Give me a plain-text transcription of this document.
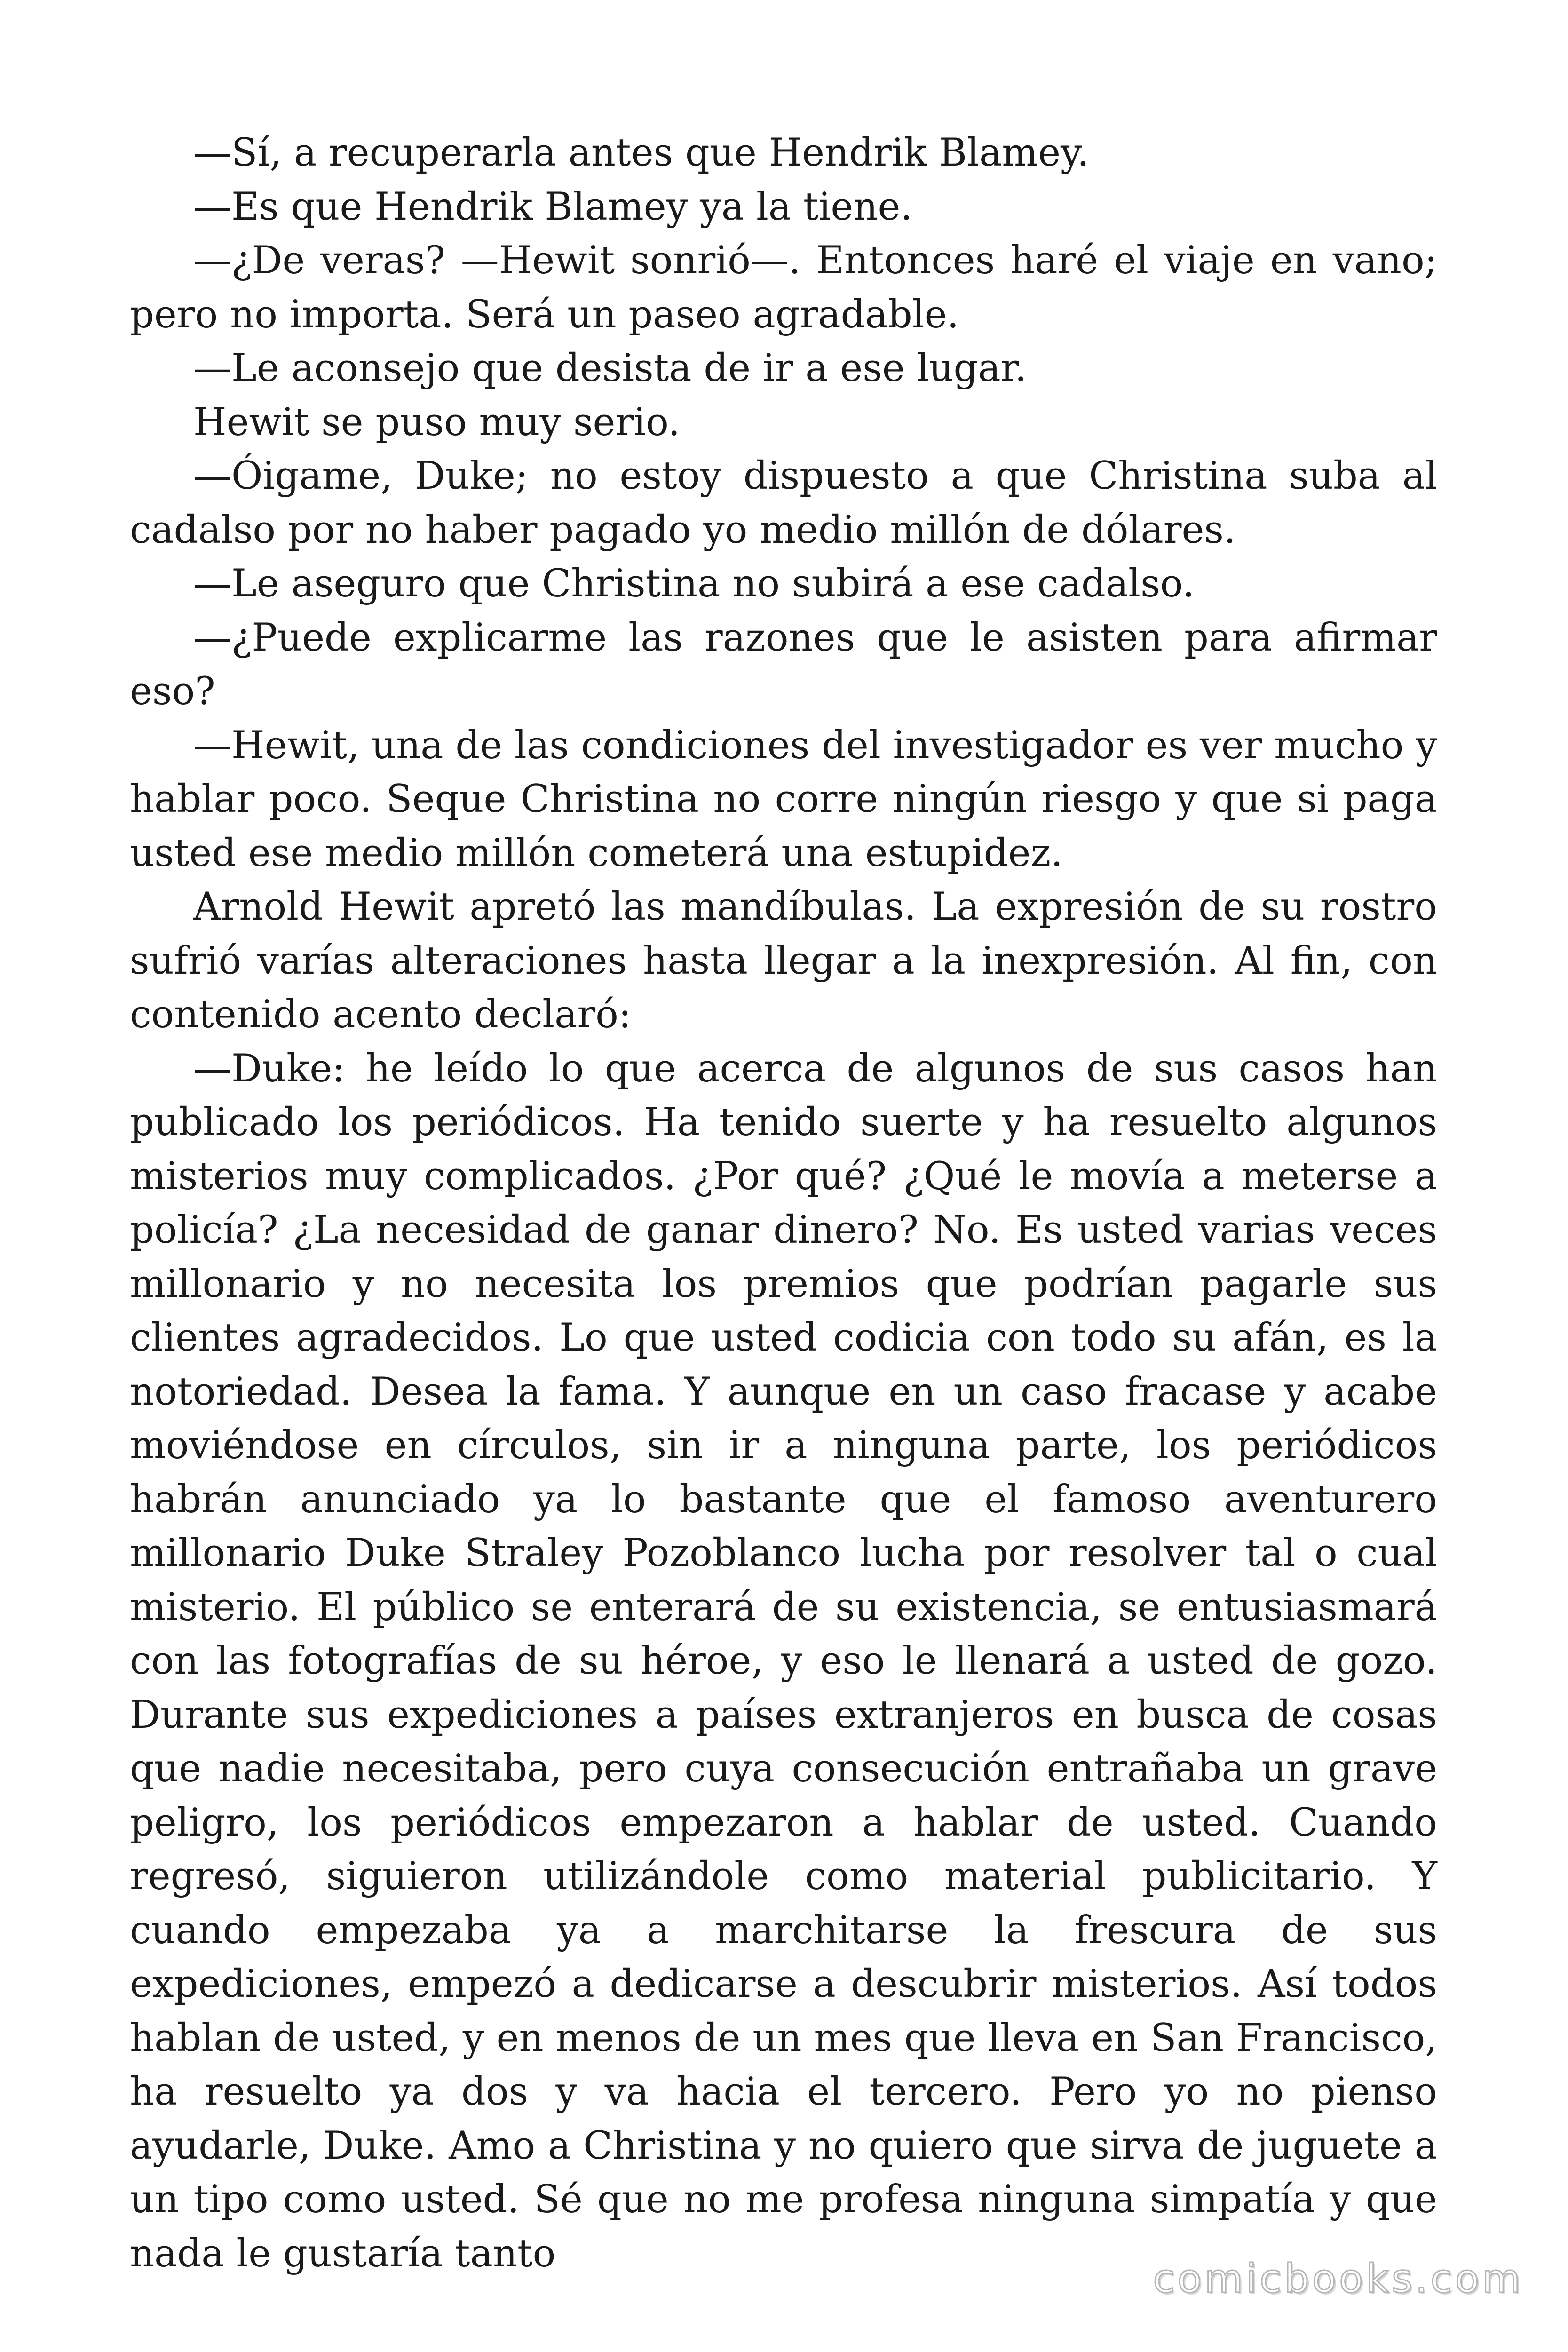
—Sí, a recuperarla antes que Hendrik Blamey.

—Es que Hendrik Blamey ya la tiene.

—¿De veras? —Hewit sonrió—. Entonces haré el viaje en vano; pero no importa. Será un paseo agradable.

—Le aconsejo que desista de ir a ese lugar.

Hewit se puso muy serio.

—Óigame, Duke; no estoy dispuesto a que Christina suba al cadalso por no haber pagado yo medio millón de dólares.

—Le aseguro que Christina no subirá a ese cadalso.

—¿Puede explicarme las razones que le asisten para afirmar eso?

—Hewit, una de las condiciones del investigador es ver mucho y hablar poco. Seque Christina no corre ningún riesgo y que si paga usted ese medio millón cometerá una estupidez.

Arnold Hewit apretó las mandíbulas. La expresión de su rostro sufrió varías alteraciones hasta llegar a la inexpresión. Al fin, con contenido acento declaró:

—Duke: he leído lo que acerca de algunos de sus casos han publicado los periódicos. Ha tenido suerte y ha resuelto algunos misterios muy complicados. ¿Por qué? ¿Qué le movía a meterse a policía? ¿La necesidad de ganar dinero? No. Es usted varias veces millonario y no necesita los premios que podrían pagarle sus clientes agradecidos. Lo que usted codicia con todo su afán, es la notoriedad. Desea la fama. Y aunque en un caso fracase y acabe moviéndose en círculos, sin ir a ninguna parte, los periódicos habrán anunciado ya lo bastante que el famoso aventurero millonario Duke Straley Pozoblanco lucha por resolver tal o cual misterio. El público se enterará de su existencia, se entusiasmará con las fotografías de su héroe, y eso le llenará a usted de gozo. Durante sus expediciones a países extranjeros en busca de cosas que nadie necesitaba, pero cuya consecución entrañaba un grave peligro, los periódicos empezaron a hablar de usted. Cuando regresó, siguieron utilizándole como material publicitario. Y cuando empezaba ya a marchitarse la frescura de sus expediciones, empezó a dedicarse a descubrir misterios. Así todos hablan de usted, y en menos de un mes que lleva en San Francisco, ha resuelto ya dos y va hacia el tercero. Pero yo no pienso ayudarle, Duke. Amo a Christina y no quiero que sirva de juguete a un tipo como usted. Sé que no me profesa ninguna simpatía y que nada le gustaría tanto

comicbooks.com
